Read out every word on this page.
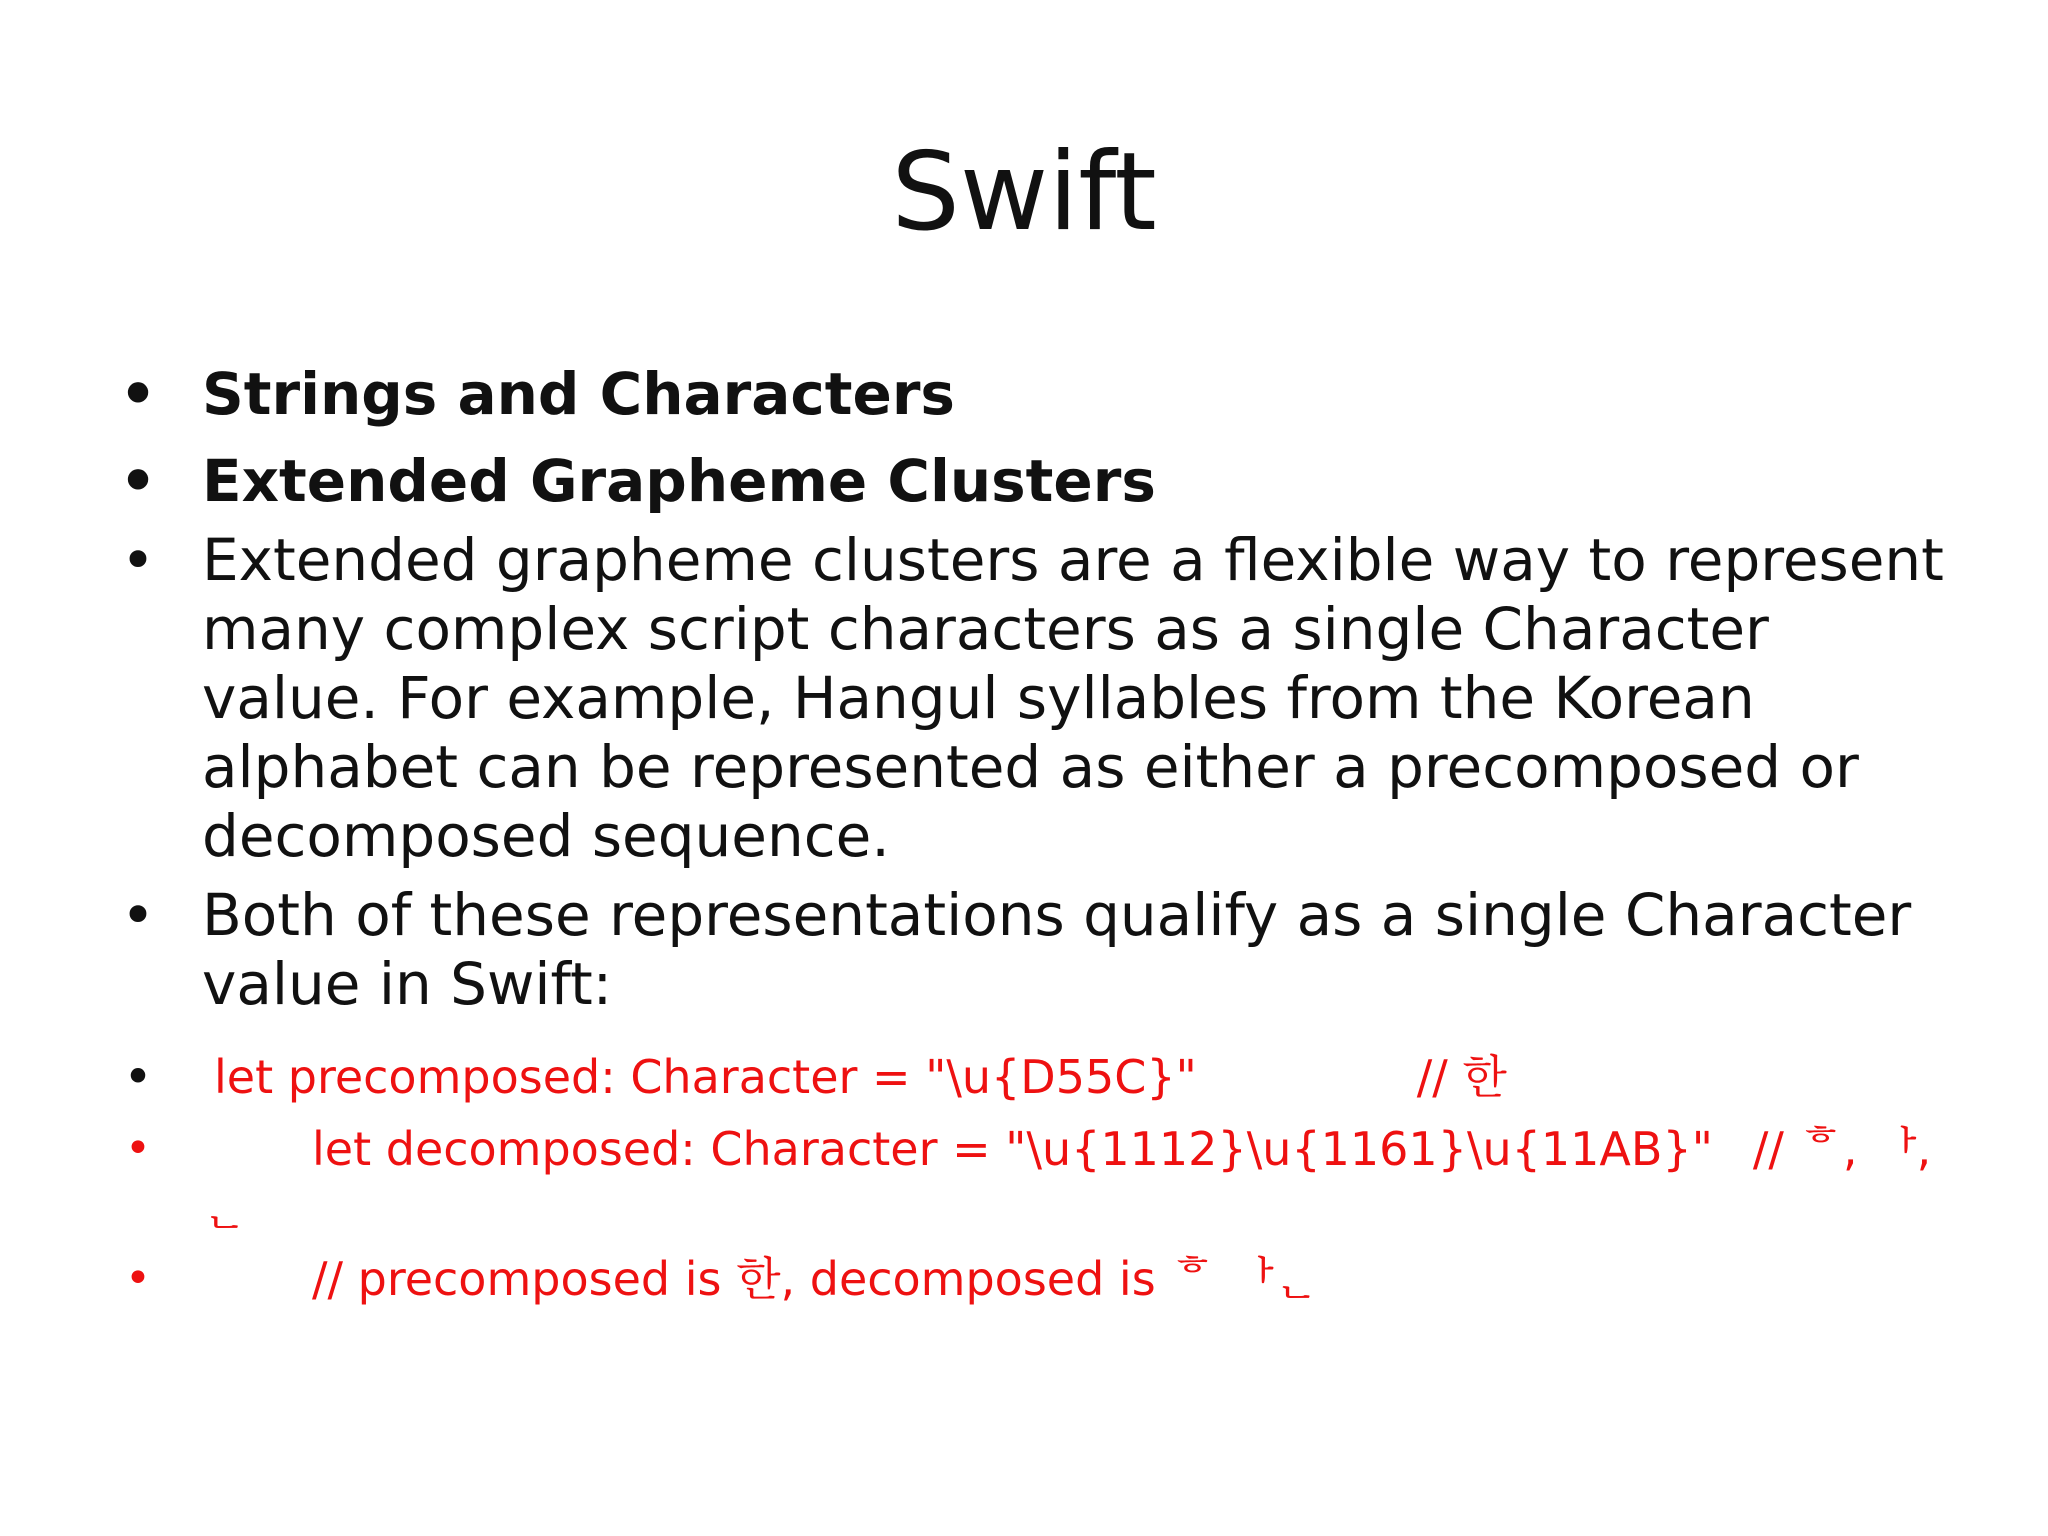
Swift
• Strings and Characters
• Extended Grapheme Clusters
• Extended grapheme clusters are a flexible way to represent many complex script characters as a single Character value. For example, Hangul syllables from the Korean alphabet can be represented as either a precomposed or decomposed sequence.
• Both of these representations qualify as a single Character value in Swift:
• let precomposed: Character = "\u{D55C}"	// 한
•	let decomposed: Character = "\u{1112}\u{1161}\u{11AB}" // ᄒ, ᅡ,
ᆫ
•	// precomposed is 한, decomposed is ᄒ ᅡᆫ
